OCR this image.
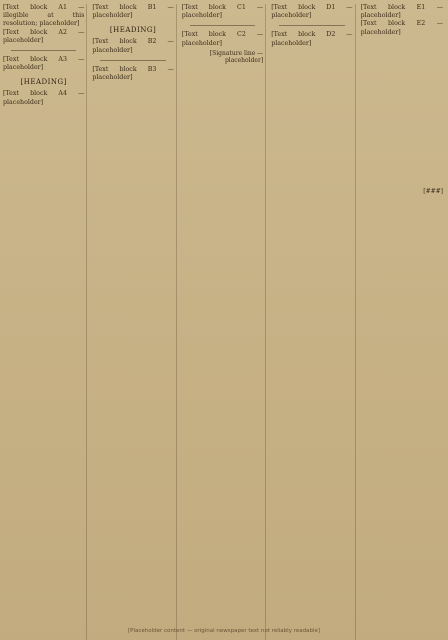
[Text block A1 — illegible at this resolution; placeholder]
[Text block A2 — placeholder]
[Text block A3 — placeholder]
[HEADING]
[Text block A4 — placeholder]
[Text block B1 — placeholder]
[HEADING]
[Text block B2 — placeholder]
[Text block B3 — placeholder]
[Text block C1 — placeholder]
[Text block C2 — placeholder]
[Signature line — placeholder]
[Text block D1 — placeholder]
[Text block D2 — placeholder]
[Text block E1 — placeholder]
[###]
[Text block E2 — placeholder]
[Placeholder content — original newspaper text not reliably readable]
